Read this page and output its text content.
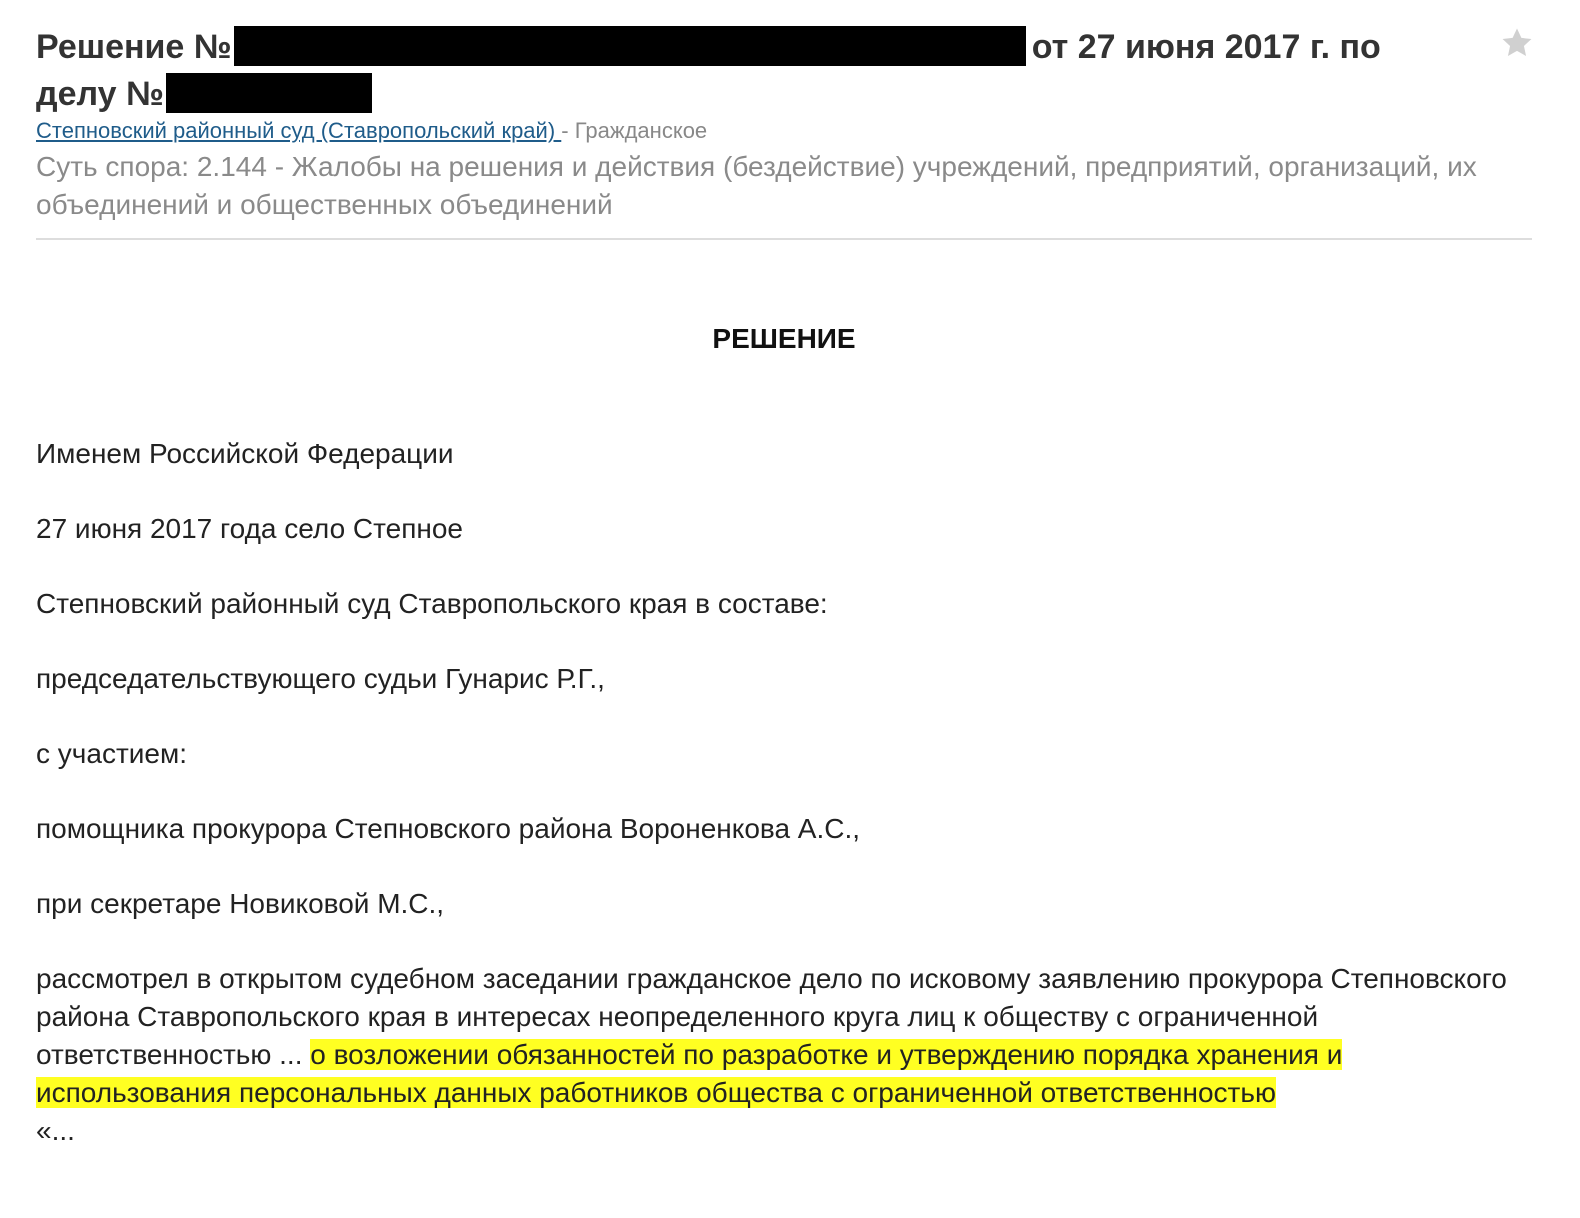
Решение №	от 27 июня 2017 г. по
делу №
Степновский районный суд (Ставропольский край) - Гражданское
Суть спора: 2.144 - Жалобы на решения и действия (бездействие) учреждений, предприятий, организаций, их объединений и общественных объединений
РЕШЕНИЕ

Именем Российской Федерации

27 июня 2017 года село Степное

Степновский районный суд Ставропольского края в составе:

председательствующего судьи Гунарис Р.Г.,

с участием:

помощника прокурора Степновского района Вороненкова А.С.,

при секретаре Новиковой М.С.,

рассмотрел в открытом судебном заседании гражданское дело по исковому заявлению прокурора Степновского района Ставропольского края в интересах неопределенного круга лиц к обществу с ограниченной ответственностью ... о возложении обязанностей по разработке и утверждению порядка хранения и использования персональных данных работников общества с ограниченной ответственностью
«...
